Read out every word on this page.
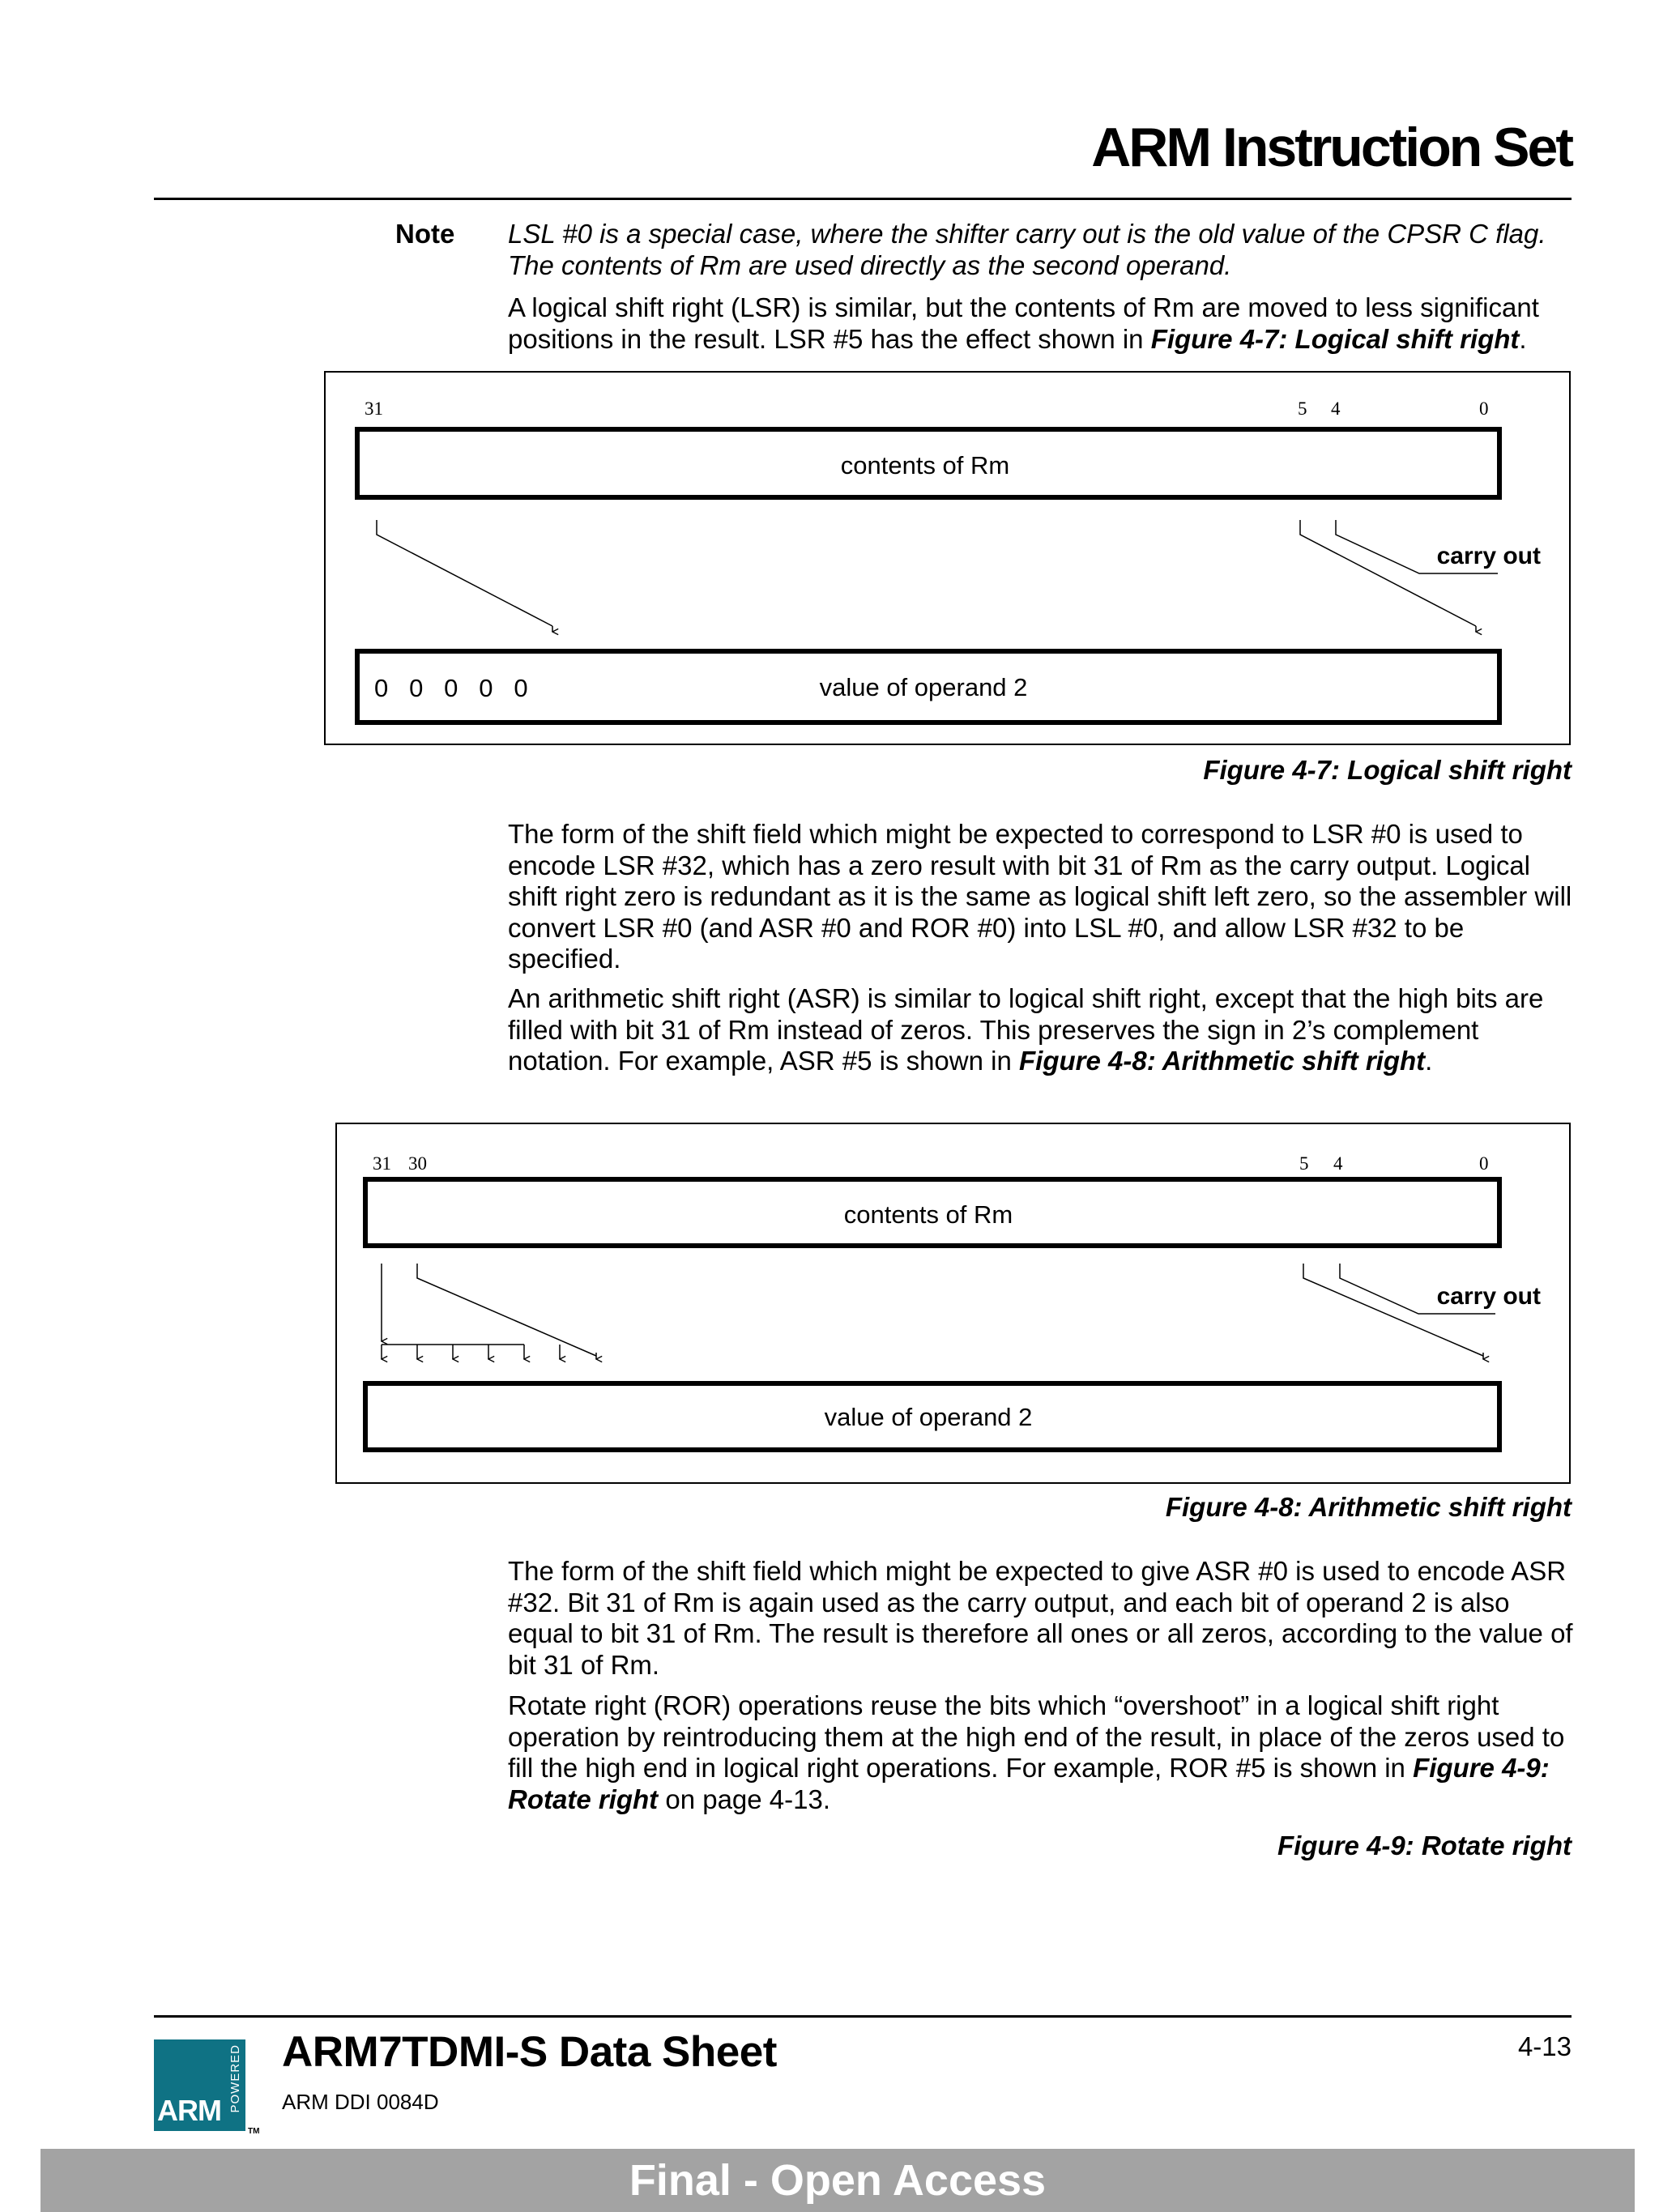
ARM Instruction Set
Note LSL #0 is a special case, where the shifter carry out is the old value of the CPSR C flag. The contents of Rm are used directly as the second operand.

A logical shift right (LSR) is similar, but the contents of Rm are moved to less significant positions in the result. LSR #5 has the effect shown in Figure 4-7: Logical shift right.

31	5 4	0
contents of Rm
carry out
0   0   0   0   0	value of operand 2
Figure 4-7: Logical shift right

The form of the shift field which might be expected to correspond to LSR #0 is used to encode LSR #32, which has a zero result with bit 31 of Rm as the carry output. Logical shift right zero is redundant as it is the same as logical shift left zero, so the assembler will convert LSR #0 (and ASR #0 and ROR #0) into LSL #0, and allow LSR #32 to be specified.

An arithmetic shift right (ASR) is similar to logical shift right, except that the high bits are filled with bit 31 of Rm instead of zeros. This preserves the sign in 2’s complement notation. For example, ASR #5 is shown in Figure 4-8: Arithmetic shift right.

31 30	5 4	0
contents of Rm
carry out
value of operand 2
Figure 4-8: Arithmetic shift right

The form of the shift field which might be expected to give ASR #0 is used to encode ASR #32. Bit 31 of Rm is again used as the carry output, and each bit of operand 2 is also equal to bit 31 of Rm. The result is therefore all ones or all zeros, according to the value of bit 31 of Rm.

Rotate right (ROR) operations reuse the bits which “overshoot” in a logical shift right operation by reintroducing them at the high end of the result, in place of the zeros used to fill the high end in logical right operations. For example, ROR #5 is shown in Figure 4-9: Rotate right on page 4-13.

Figure 4-9: Rotate right
POWERED
ARM
TM
ARM7TDMI-S Data Sheet
ARM DDI 0084D
4-13
Final - Open Access
